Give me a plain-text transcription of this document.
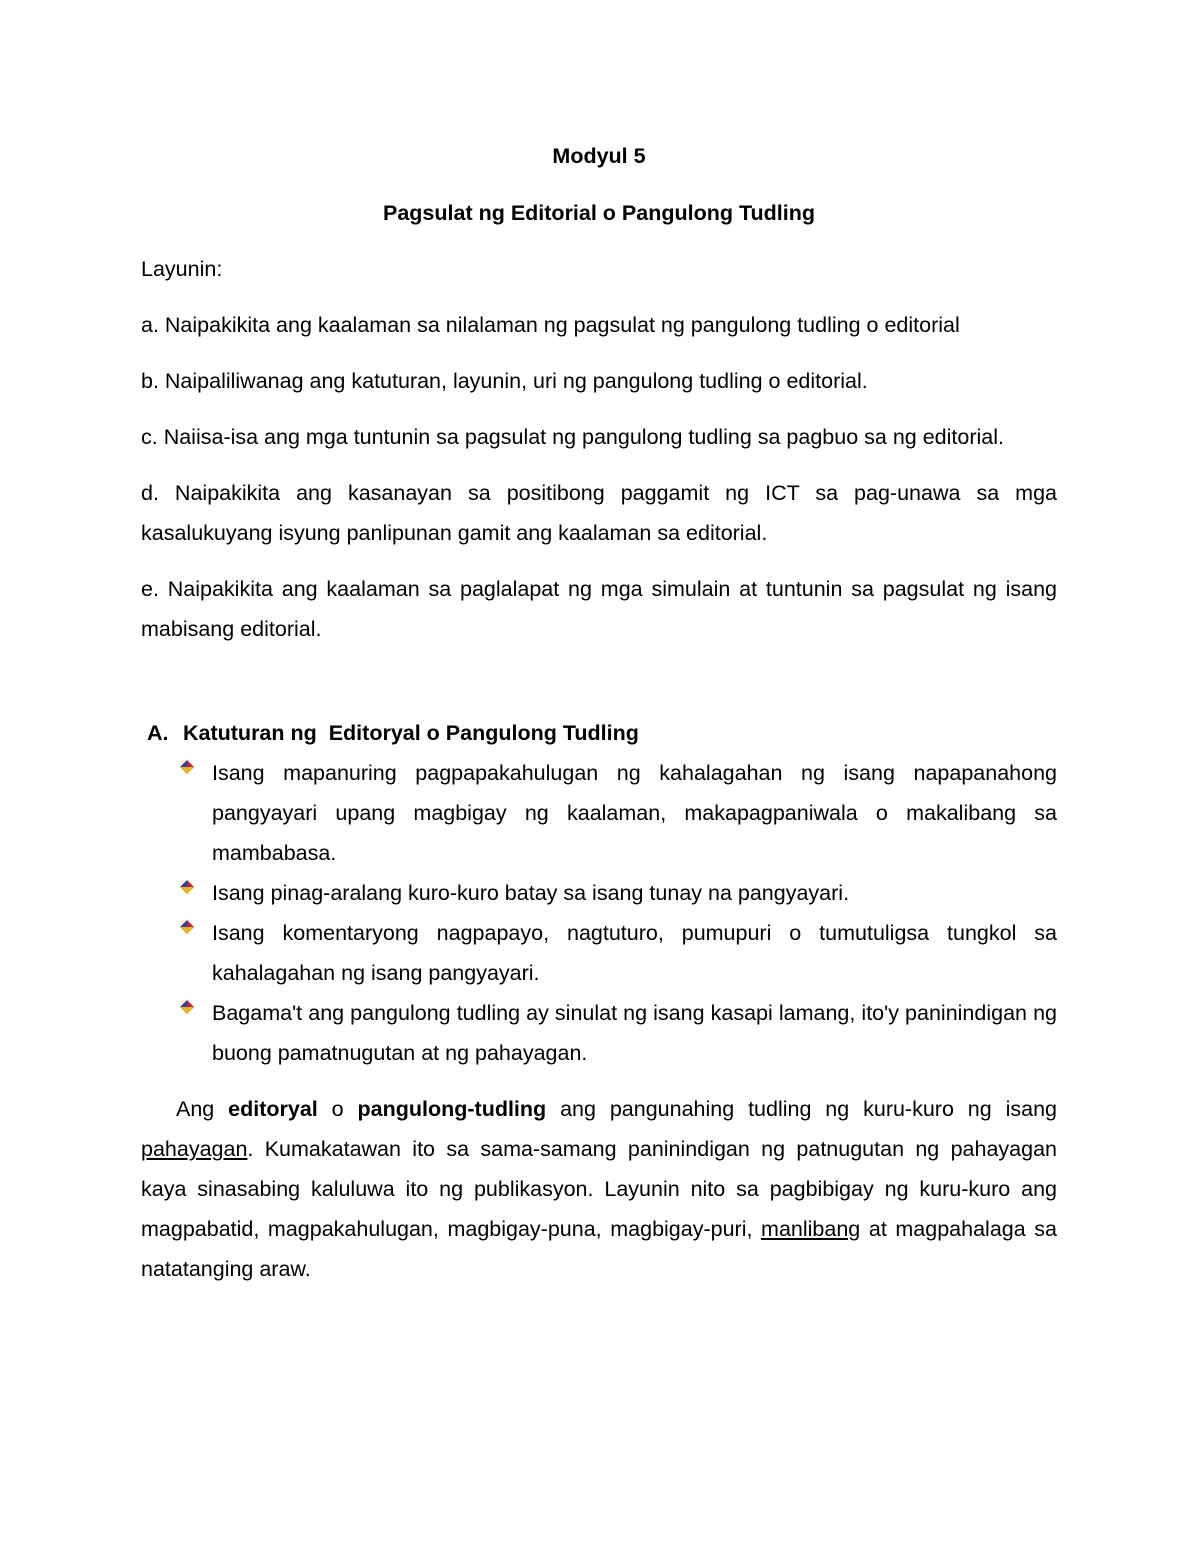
Modyul 5

Pagsulat ng Editorial o Pangulong Tudling

Layunin:

a. Naipakikita ang kaalaman sa nilalaman ng pagsulat ng pangulong tudling o editorial

b. Naipaliliwanag ang katuturan, layunin, uri ng pangulong tudling o editorial.

c. Naiisa-isa ang mga tuntunin sa pagsulat ng pangulong tudling sa pagbuo sa ng editorial.

d. Naipakikita ang kasanayan sa positibong paggamit ng ICT sa pag-unawa sa mga kasalukuyang isyung panlipunan gamit ang kaalaman sa editorial.

e. Naipakikita ang kaalaman sa paglalapat ng mga simulain at tuntunin sa pagsulat ng isang mabisang editorial.

A. Katuturan ng  Editoryal o Pangulong Tudling
Isang mapanuring pagpapakahulugan ng kahalagahan ng isang napapanahong pangyayari upang magbigay ng kaalaman, makapagpaniwala o makalibang sa mambabasa.
Isang pinag-aralang kuro-kuro batay sa isang tunay na pangyayari.
Isang komentaryong nagpapayo, nagtuturo, pumupuri o tumutuligsa tungkol sa kahalagahan ng isang pangyayari.
Bagama't ang pangulong tudling ay sinulat ng isang kasapi lamang, ito'y paninindigan ng buong pamatnugutan at ng pahayagan.

Ang editoryal o pangulong-tudling ang pangunahing tudling ng kuru-kuro ng isang pahayagan. Kumakatawan ito sa sama-samang paninindigan ng patnugutan ng pahayagan kaya sinasabing kaluluwa ito ng publikasyon. Layunin nito sa pagbibigay ng kuru-kuro ang magpabatid, magpakahulugan, magbigay-puna, magbigay-puri, manlibang at magpahalaga sa natatanging araw.
